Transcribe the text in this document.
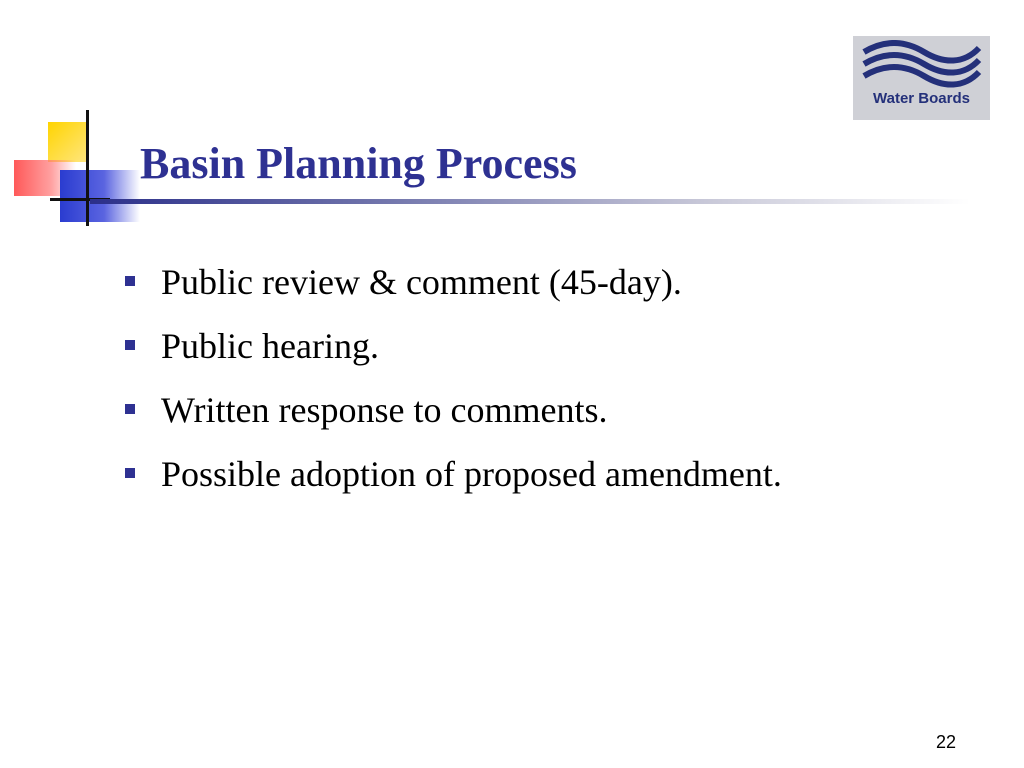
Basin Planning Process
Water Boards
Public review & comment (45-day).
Public hearing.
Written response to comments.
Possible adoption of proposed amendment.
22
